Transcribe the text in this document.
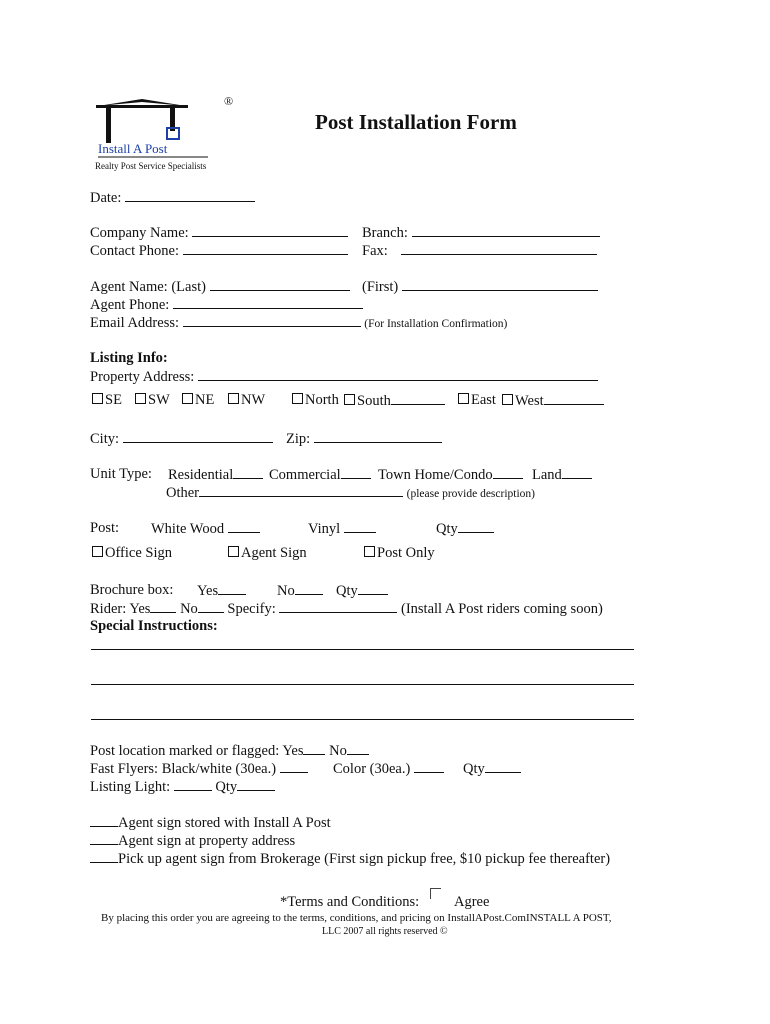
Install A Post
Realty Post Service Specialists
®
Post Installation Form
Date:
Company Name:	Branch:
Contact Phone:	Fax:
Agent Name: (Last)	(First)
Agent Phone:
Email Address:	(For Installation Confirmation)
Listing Info:
Property Address:
SE	SW	NE	NW	North	South	East	West
City:	Zip:
Unit Type: Residential	Commercial	Town Home/Condo	Land
Other	(please provide description)
Post: White Wood	Vinyl	Qty
Office Sign	Agent Sign	Post Only
Brochure box: Yes	No	Qty
Rider: Yes No Specify:	(Install A Post riders coming soon)
Special Instructions:
Post location marked or flagged: Yes No
Fast Flyers: Black/white (30ea.)	Color (30ea.)	Qty
Listing Light:	Qty
Agent sign stored with Install A Post
Agent sign at property address
Pick up agent sign from Brokerage (First sign pickup free, $10 pickup fee thereafter)
*Terms and Conditions: Agree
By placing this order you are agreeing to the terms, conditions, and pricing on InstallAPost.ComINSTALL A POST,
LLC 2007 all rights reserved ©
